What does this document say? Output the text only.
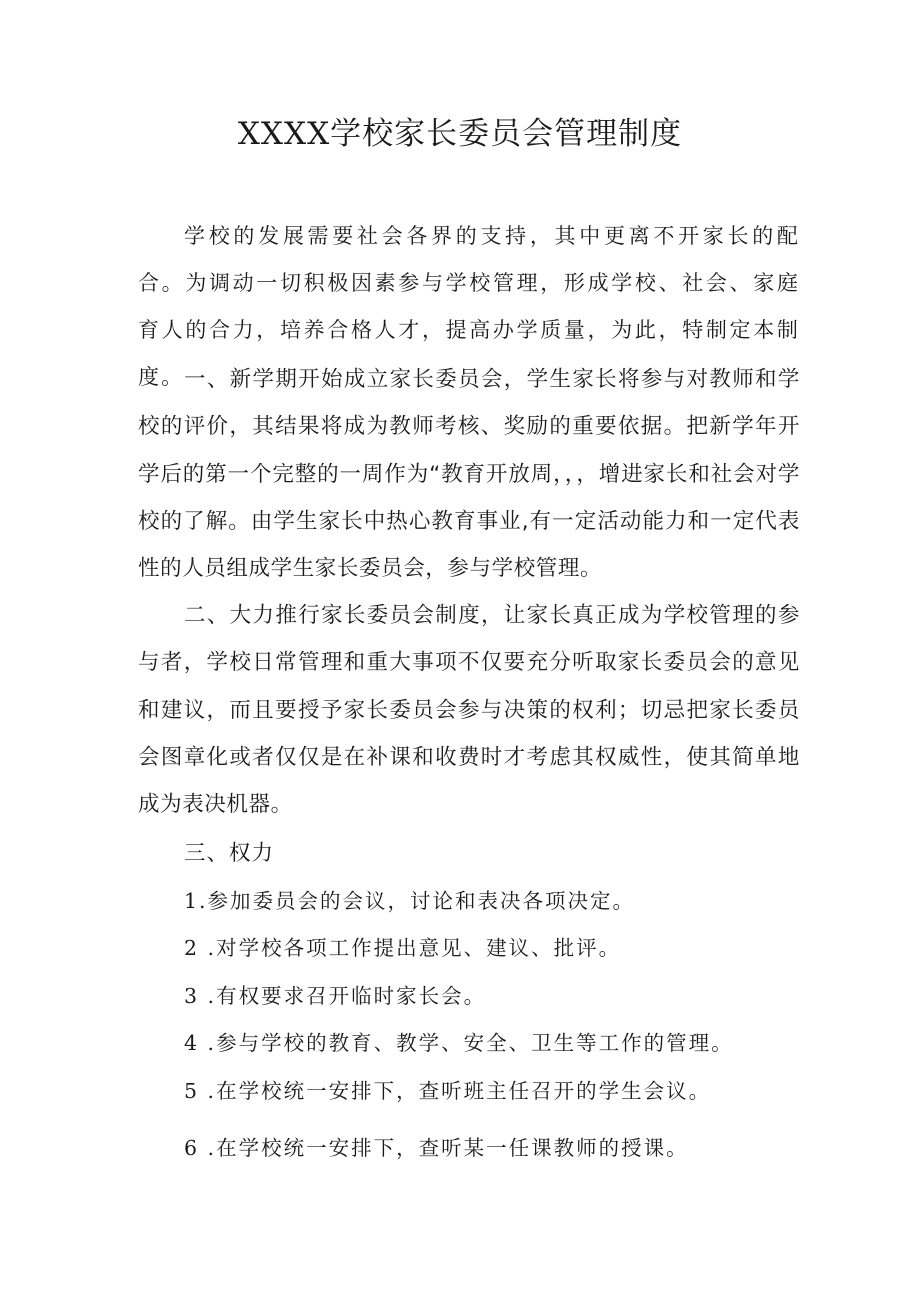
XXXX学校家长委员会管理制度

学校的发展需要社会各界的支持，其中更离不开家长的配合。为调动一切积极因素参与学校管理，形成学校、社会、家庭育人的合力，培养合格人才，提高办学质量，为此，特制定本制度。 一、新学期开始成立家长委员会，学生家长将参与对教师和学校的评价，其结果将成为教师考核、奖励的重要依据。把新学年开学后的第一个完整的一周作为“教育开放周，，，增进家长和社会对学校的了解。由学生家长中热心教育事业,有一定活动能力和一定代表性的人员组成学生家长委员会，参与学校管理。

二、大力推行家长委员会制度，让家长真正成为学校管理的参与者，学校日常管理和重大事项不仅要充分听取家长委员会的意见和建议，而且要授予家长委员会参与决策的权利；切忌把家长委员会图章化或者仅仅是在补课和收费时才考虑其权威性，使其简单地成为表决机器。

三、权力

1.参加委员会的会议，讨论和表决各项决定。

2 .对学校各项工作提出意见、建议、批评。

3 .有权要求召开临时家长会。

4 .参与学校的教育、教学、安全、卫生等工作的管理。

5 .在学校统一安排下，查听班主任召开的学生会议。

6 .在学校统一安排下，查听某一任课教师的授课。
